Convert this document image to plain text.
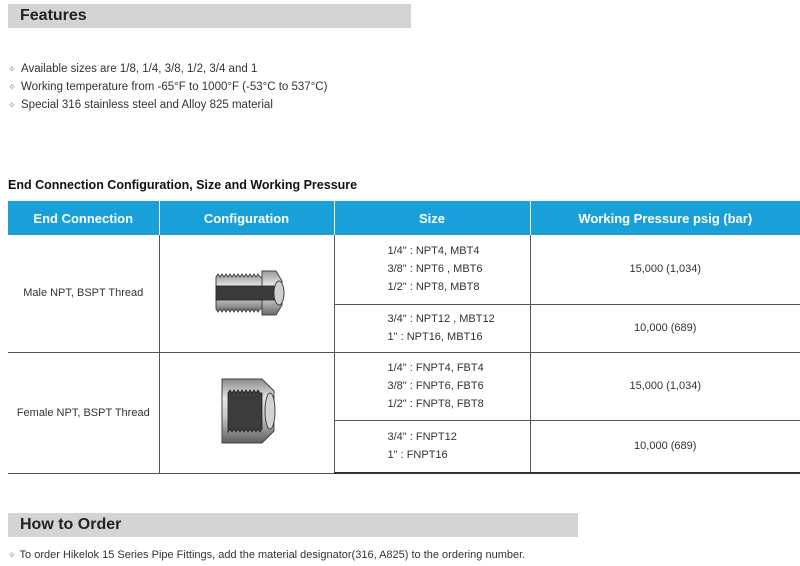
Features
✧ Available sizes are 1/8, 1/4, 3/8, 1/2, 3/4 and 1
✧ Working temperature from -65°F to 1000°F (-53°C to 537°C)
✧ Special 316 stainless steel and Alloy 825 material
End Connection Configuration, Size and Working Pressure
End Connection	Configuration	Size	Working Pressure psig (bar)
Male NPT, BSPT Thread		1/4" : NPT4, MBT4
3/8" : NPT6 , MBT6
1/2" : NPT8, MBT8	15,000 (1,034)

		3/4" : NPT12 , MBT12
1" : NPT16, MBT16	10,000 (689)
Female NPT, BSPT Thread		1/4" : FNPT4, FBT4
3/8" : FNPT6, FBT6
1/2" : FNPT8, FBT8	15,000 (1,034)

		3/4" : FNPT12
1" : FNPT16	10,000 (689)
How to Order
✧ To order Hikelok 15 Series Pipe Fittings, add the material designator(316, A825) to the ordering number.
